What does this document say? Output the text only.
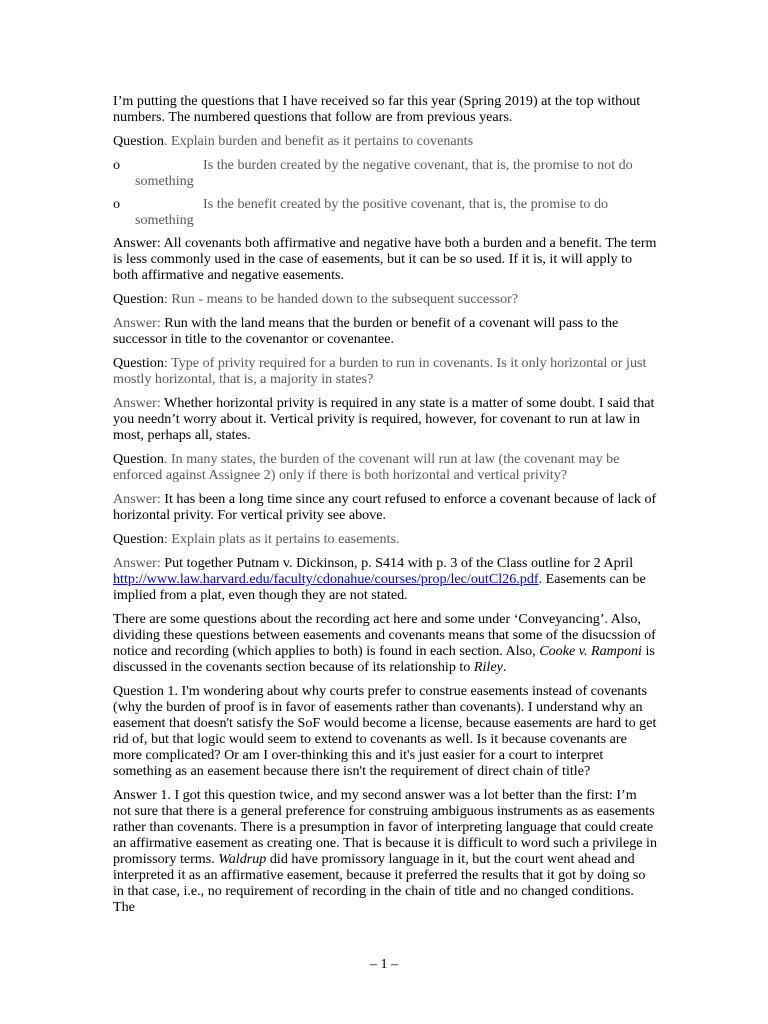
I’m putting the questions that I have received so far this year (Spring 2019) at the top without numbers. The numbered questions that follow are from previous years.

Question. Explain burden and benefit as it pertains to covenants

o	Is the burden created by the negative covenant, that is, the promise to not do something
o	Is the benefit created by the positive covenant, that is, the promise to do something

Answer: All covenants both affirmative and negative have both a burden and a benefit. The term is less commonly used in the case of easements, but it can be so used. If it is, it will apply to both affirmative and negative easements.

Question: Run - means to be handed down to the subsequent successor?

Answer: Run with the land means that the burden or benefit of a covenant will pass to the successor in title to the covenantor or covenantee.

Question: Type of privity required for a burden to run in covenants. Is it only horizontal or just mostly horizontal, that is, a majority in states?

Answer: Whether horizontal privity is required in any state is a matter of some doubt. I said that you needn’t worry about it. Vertical privity is required, however, for covenant to run at law in most, perhaps all, states.

Question. In many states, the burden of the covenant will run at law (the covenant may be enforced against Assignee 2) only if there is both horizontal and vertical privity?

Answer: It has been a long time since any court refused to enforce a covenant because of lack of horizontal privity. For vertical privity see above.

Question: Explain plats as it pertains to easements.

Answer: Put together Putnam v. Dickinson, p. S414 with p. 3 of the Class outline for 2 April http://www.law.harvard.edu/faculty/cdonahue/courses/prop/lec/outCl26.pdf. Easements can be implied from a plat, even though they are not stated.

There are some questions about the recording act here and some under ‘Conveyancing’. Also, dividing these questions between easements and covenants means that some of the disucssion of notice and recording (which applies to both) is found in each section. Also, Cooke v. Ramponi is discussed in the covenants section because of its relationship to Riley.

Question 1. I'm wondering about why courts prefer to construe easements instead of covenants (why the burden of proof is in favor of easements rather than covenants). I understand why an easement that doesn't satisfy the SoF would become a license, because easements are hard to get rid of, but that logic would seem to extend to covenants as well. Is it because covenants are more complicated? Or am I over-thinking this and it's just easier for a court to interpret something as an easement because there isn't the requirement of direct chain of title?

Answer 1. I got this question twice, and my second answer was a lot better than the first: I’m not sure that there is a general preference for construing ambiguous instruments as as easements rather than covenants. There is a presumption in favor of interpreting language that could create an affirmative easement as creating one. That is because it is difficult to word such a privilege in promissory terms. Waldrup did have promissory language in it, but the court went ahead and interpreted it as an affirmative easement, because it preferred the results that it got by doing so in that case, i.e., no requirement of recording in the chain of title and no changed conditions. The

– 1 –
